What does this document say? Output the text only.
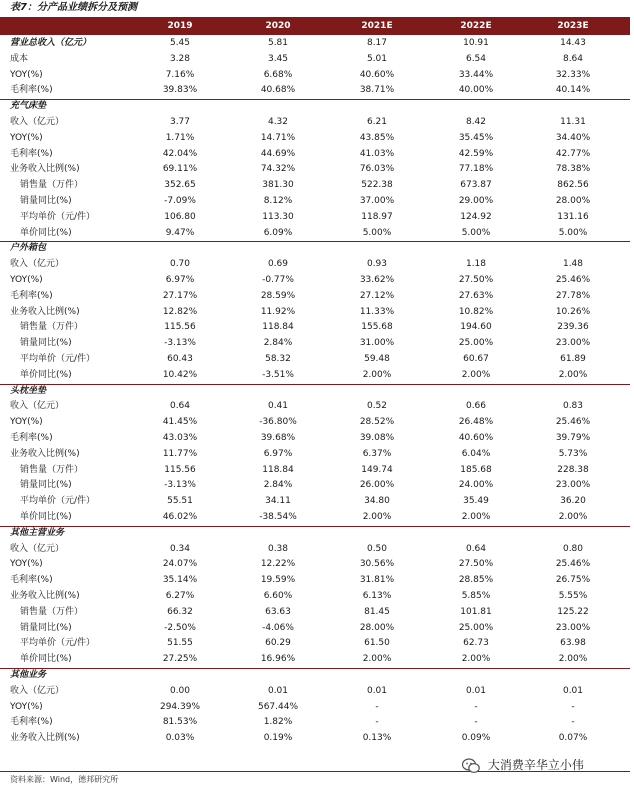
表7：分产品业绩拆分及预测
2019	2020	2021E	2022E	2023E
营业总收入（亿元）	5.45	5.81	8.17	10.91	14.43
成本	3.28	3.45	5.01	6.54	8.64
YOY(%)	7.16%	6.68%	40.60%	33.44%	32.33%
毛利率(%)	39.83%	40.68%	38.71%	40.00%	40.14%
充气床垫
收入（亿元）	3.77	4.32	6.21	8.42	11.31
YOY(%)	1.71%	14.71%	43.85%	35.45%	34.40%
毛利率(%)	42.04%	44.69%	41.03%	42.59%	42.77%
业务收入比例(%)	69.11%	74.32%	76.03%	77.18%	78.38%
销售量（万件）	352.65	381.30	522.38	673.87	862.56
销量同比(%)	-7.09%	8.12%	37.00%	29.00%	28.00%
平均单价（元/件）	106.80	113.30	118.97	124.92	131.16
单价同比(%)	9.47%	6.09%	5.00%	5.00%	5.00%
户外箱包
收入（亿元）	0.70	0.69	0.93	1.18	1.48
YOY(%)	6.97%	-0.77%	33.62%	27.50%	25.46%
毛利率(%)	27.17%	28.59%	27.12%	27.63%	27.78%
业务收入比例(%)	12.82%	11.92%	11.33%	10.82%	10.26%
销售量（万件）	115.56	118.84	155.68	194.60	239.36
销量同比(%)	-3.13%	2.84%	31.00%	25.00%	23.00%
平均单价（元/件）	60.43	58.32	59.48	60.67	61.89
单价同比(%)	10.42%	-3.51%	2.00%	2.00%	2.00%
头枕坐垫
收入（亿元）	0.64	0.41	0.52	0.66	0.83
YOY(%)	41.45%	-36.80%	28.52%	26.48%	25.46%
毛利率(%)	43.03%	39.68%	39.08%	40.60%	39.79%
业务收入比例(%)	11.77%	6.97%	6.37%	6.04%	5.73%
销售量（万件）	115.56	118.84	149.74	185.68	228.38
销量同比(%)	-3.13%	2.84%	26.00%	24.00%	23.00%
平均单价（元/件）	55.51	34.11	34.80	35.49	36.20
单价同比(%)	46.02%	-38.54%	2.00%	2.00%	2.00%
其他主营业务
收入（亿元）	0.34	0.38	0.50	0.64	0.80
YOY(%)	24.07%	12.22%	30.56%	27.50%	25.46%
毛利率(%)	35.14%	19.59%	31.81%	28.85%	26.75%
业务收入比例(%)	6.27%	6.60%	6.13%	5.85%	5.55%
销售量（万件）	66.32	63.63	81.45	101.81	125.22
销量同比(%)	-2.50%	-4.06%	28.00%	25.00%	23.00%
平均单价（元/件）	51.55	60.29	61.50	62.73	63.98
单价同比(%)	27.25%	16.96%	2.00%	2.00%	2.00%
其他业务
收入（亿元）	0.00	0.01	0.01	0.01	0.01
YOY(%)	294.39%	567.44%	-	-	-
毛利率(%)	81.53%	1.82%	-	-	-
业务收入比例(%)	0.03%	0.19%	0.13%	0.09%	0.07%
资料来源：Wind，德邦研究所
大消费辛华立小伟
